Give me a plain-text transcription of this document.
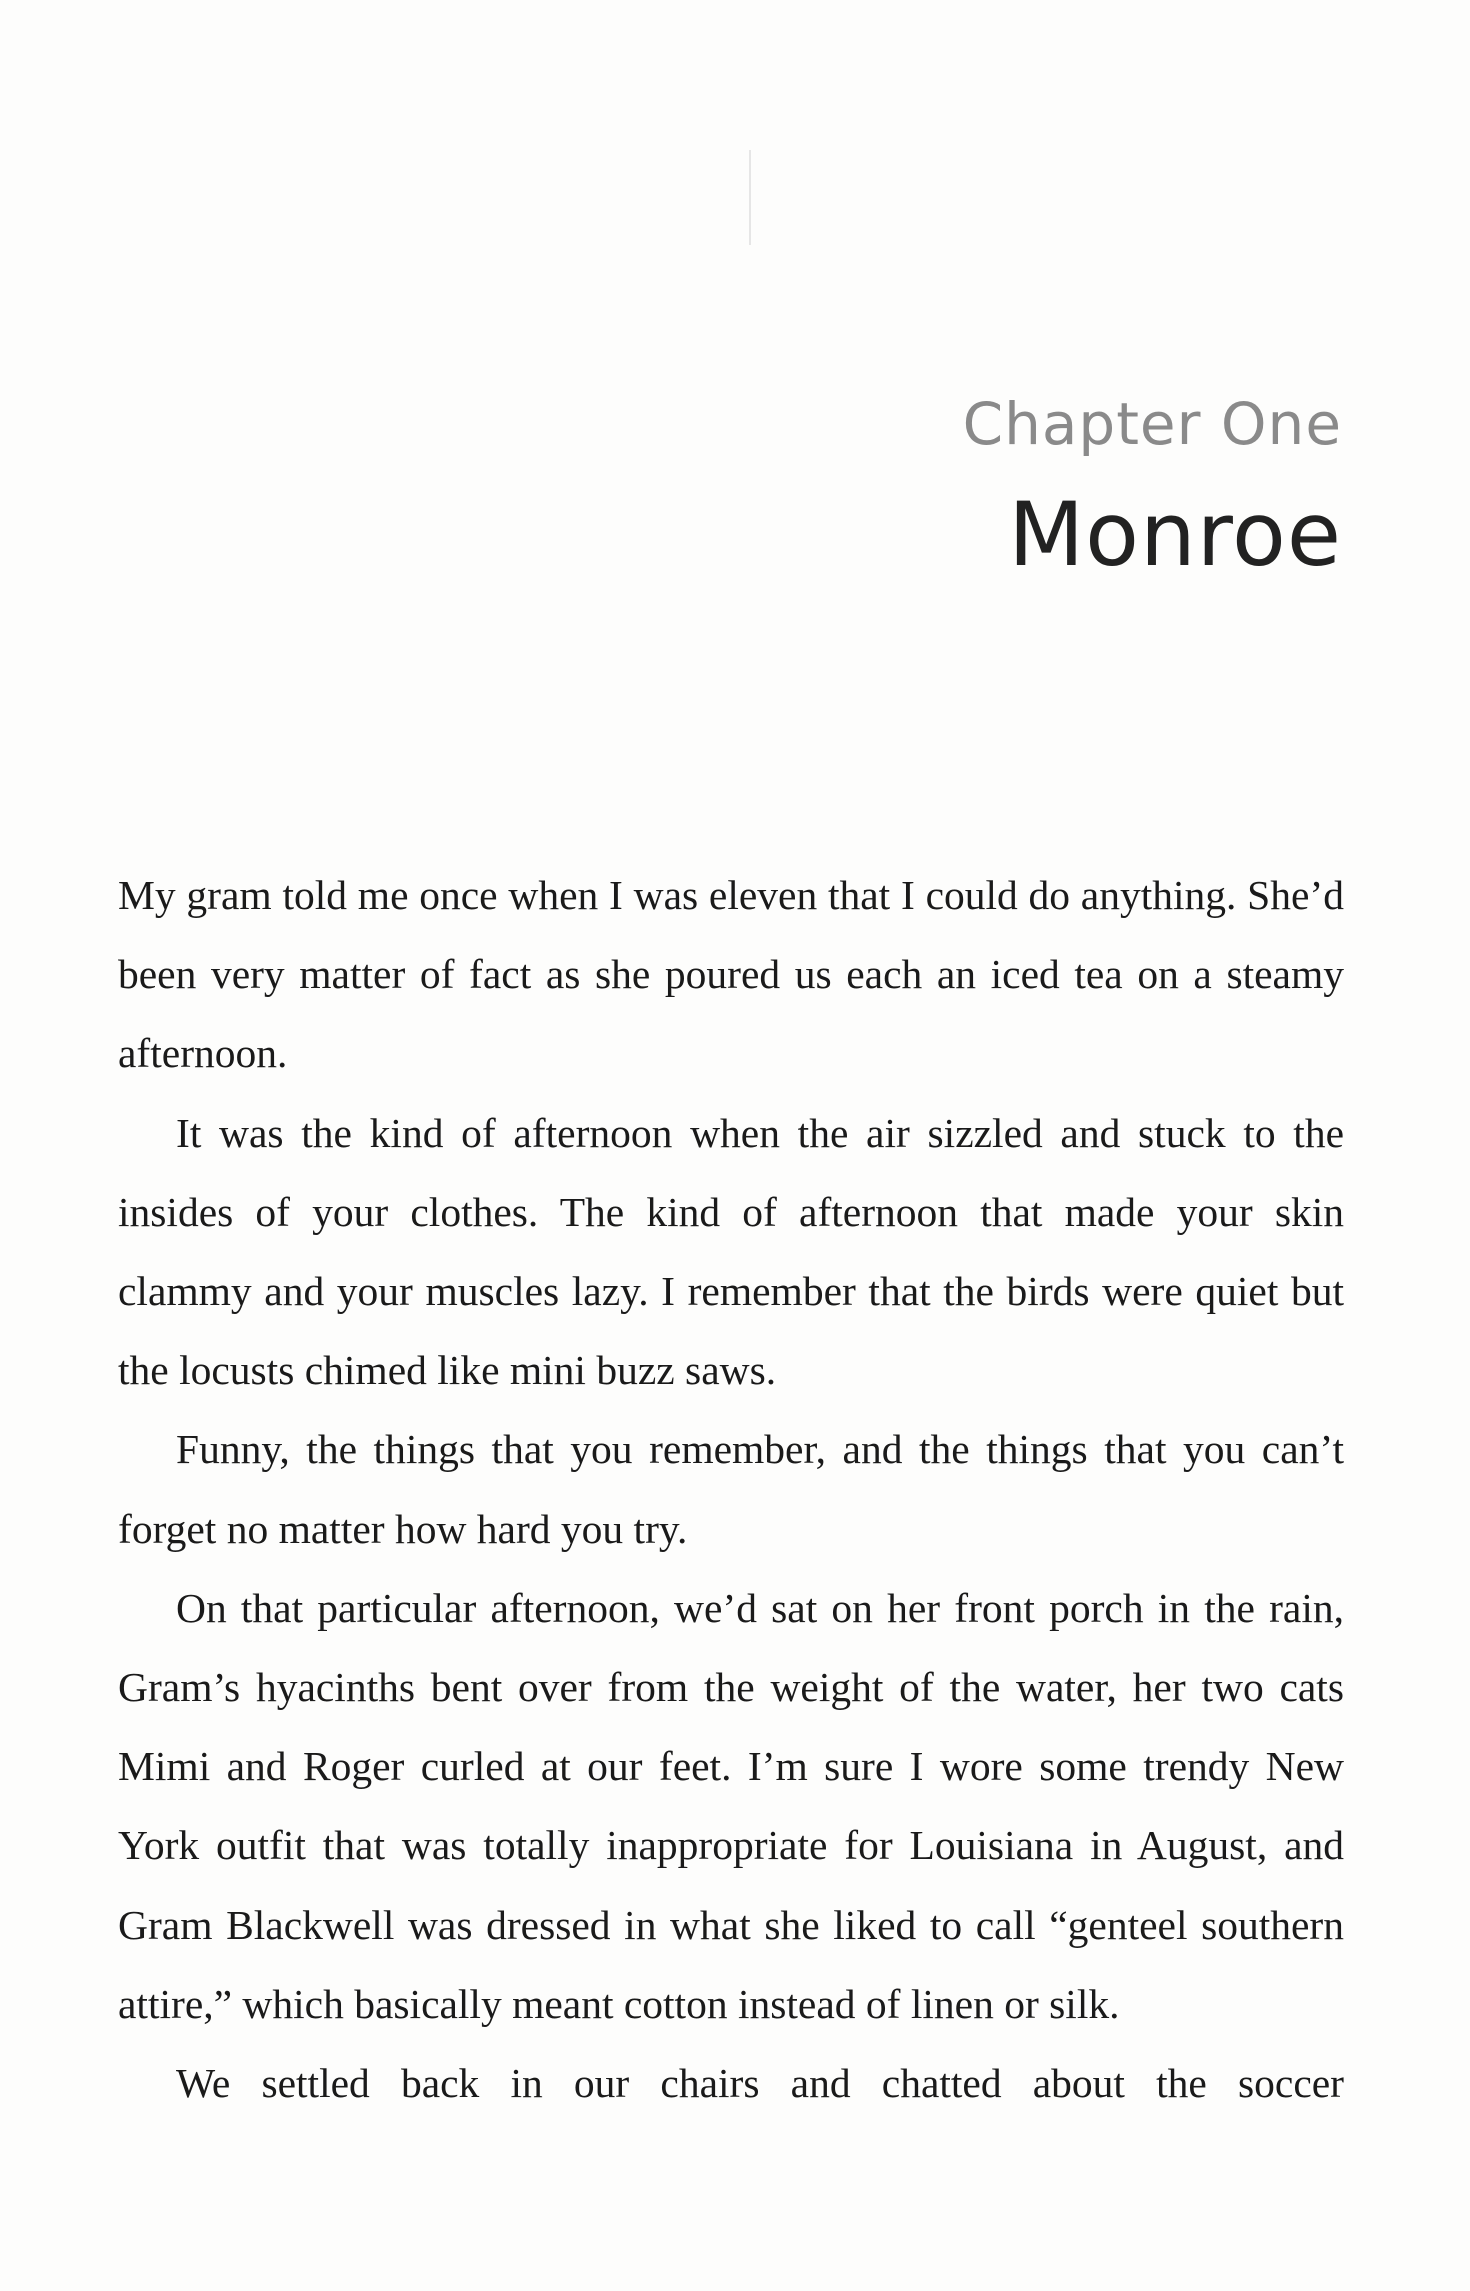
Chapter One
Monroe

My gram told me once when I was eleven that I could do anything. She’d been very matter of fact as she poured us each an iced tea on a steamy afternoon.

It was the kind of afternoon when the air sizzled and stuck to the insides of your clothes. The kind of afternoon that made your skin clammy and your muscles lazy. I remember that the birds were quiet but the locusts chimed like mini buzz saws.

Funny, the things that you remember, and the things that you can’t forget no matter how hard you try.

On that particular afternoon, we’d sat on her front porch in the rain, Gram’s hyacinths bent over from the weight of the water, her two cats Mimi and Roger curled at our feet. I’m sure I wore some trendy New York outfit that was totally inappropriate for Louisiana in August, and Gram Blackwell was dressed in what she liked to call “genteel southern attire,” which basically meant cotton instead of linen or silk.

We settled back in our chairs and chatted about the soccer
